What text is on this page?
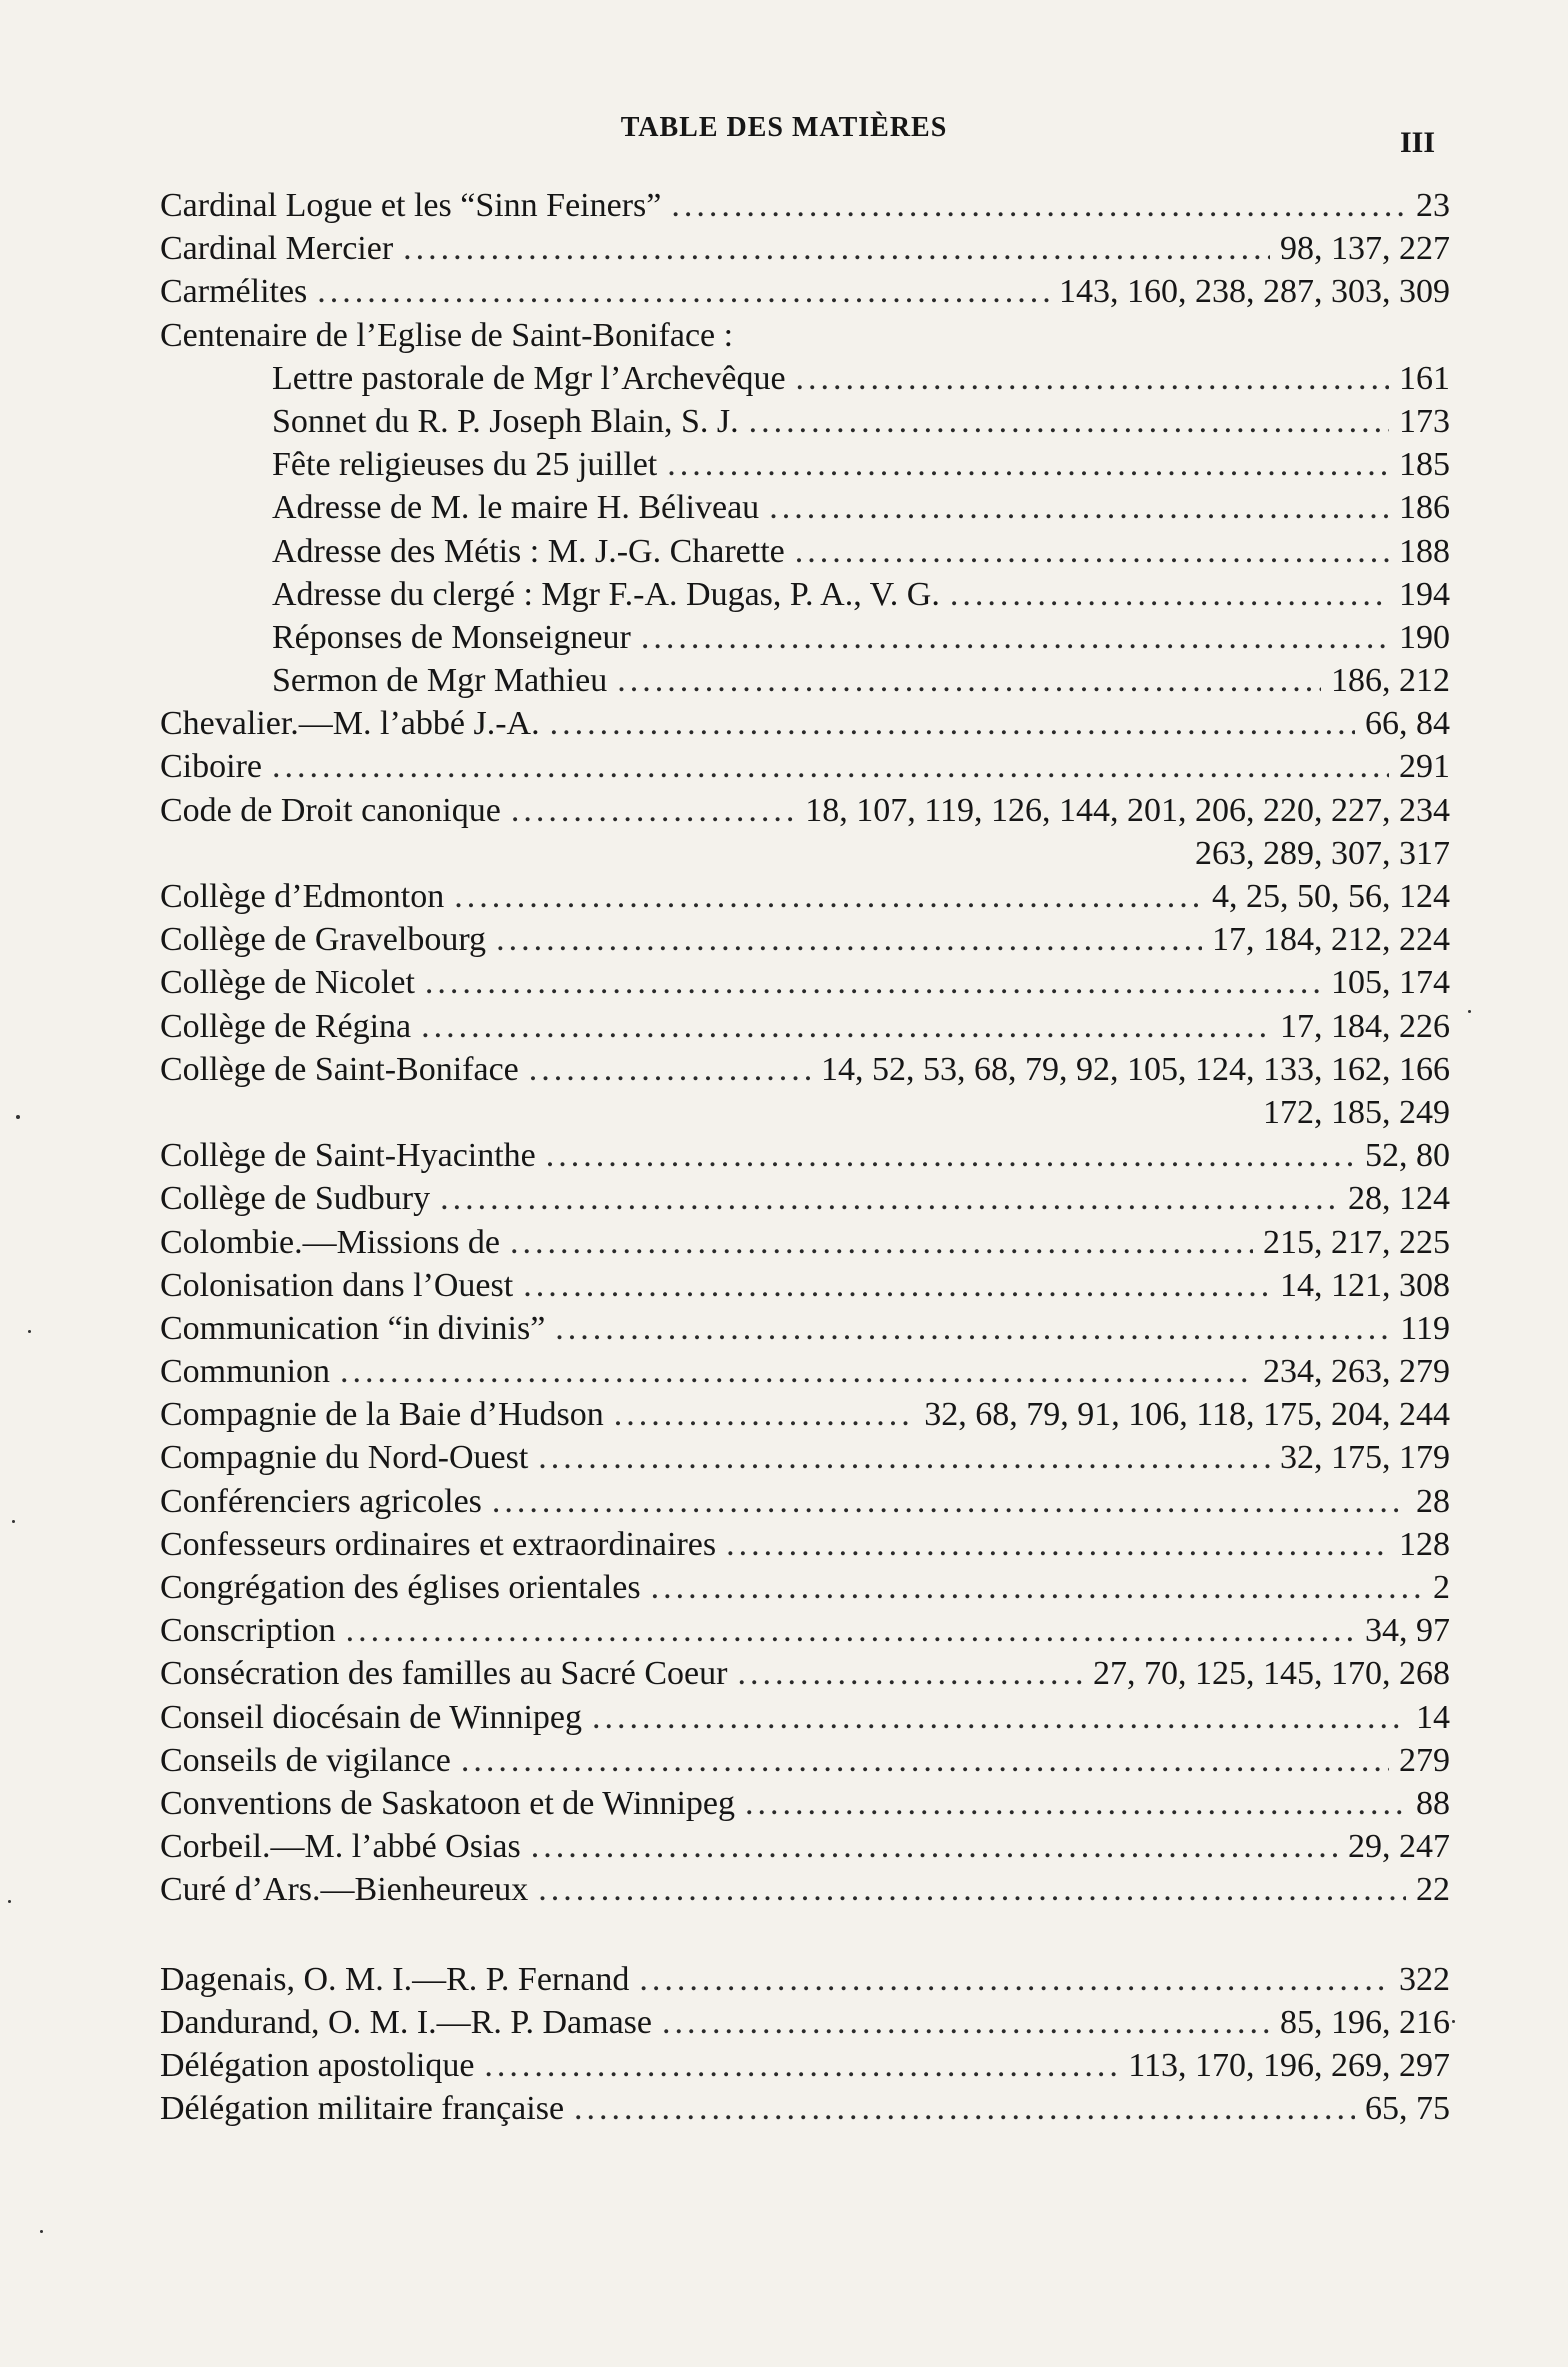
TABLE DES MATIÈRES	III
Cardinal Logue et les “Sinn Feiners” .....	23
Cardinal Mercier .....	98, 137, 227
Carmélites .....	143, 160, 238, 287, 303, 309
Centenaire de l’Eglise de Saint-Boniface :
Lettre pastorale de Mgr l’Archevêque .....	161
Sonnet du R. P. Joseph Blain, S. J. .....	173
Fête religieuses du 25 juillet .....	185
Adresse de M. le maire H. Béliveau .....	186
Adresse des Métis : M. J.-G. Charette .....	188
Adresse du clergé : Mgr F.-A. Dugas, P. A., V. G. .....	194
Réponses de Monseigneur .....	190
Sermon de Mgr Mathieu .....	186, 212
Chevalier.—M. l’abbé J.-A. .....	66, 84
Ciboire .....	291
Code de Droit canonique .....	18, 107, 119, 126, 144, 201, 206, 220, 227, 234
263, 289, 307, 317
Collège d’Edmonton .....	4, 25, 50, 56, 124
Collège de Gravelbourg .....	17, 184, 212, 224
Collège de Nicolet .....	105, 174
Collège de Régina .....	17, 184, 226
Collège de Saint-Boniface .....	14, 52, 53, 68, 79, 92, 105, 124, 133, 162, 166
172, 185, 249
Collège de Saint-Hyacinthe .....	52, 80
Collège de Sudbury .....	28, 124
Colombie.—Missions de .....	215, 217, 225
Colonisation dans l’Ouest .....	14, 121, 308
Communication “in divinis” .....	119
Communion .....	234, 263, 279
Compagnie de la Baie d’Hudson .....	32, 68, 79, 91, 106, 118, 175, 204, 244
Compagnie du Nord-Ouest .....	32, 175, 179
Conférenciers agricoles .....	28
Confesseurs ordinaires et extraordinaires .....	128
Congrégation des églises orientales .....	2
Conscription .....	34, 97
Consécration des familles au Sacré Coeur .....	27, 70, 125, 145, 170, 268
Conseil diocésain de Winnipeg .....	14
Conseils de vigilance .....	279
Conventions de Saskatoon et de Winnipeg .....	88
Corbeil.—M. l’abbé Osias .....	29, 247
Curé d’Ars.—Bienheureux .....	22
Dagenais, O. M. I.—R. P. Fernand .....	322
Dandurand, O. M. I.—R. P. Damase .....	85, 196, 216
Délégation apostolique .....	113, 170, 196, 269, 297
Délégation militaire française .....	65, 75
